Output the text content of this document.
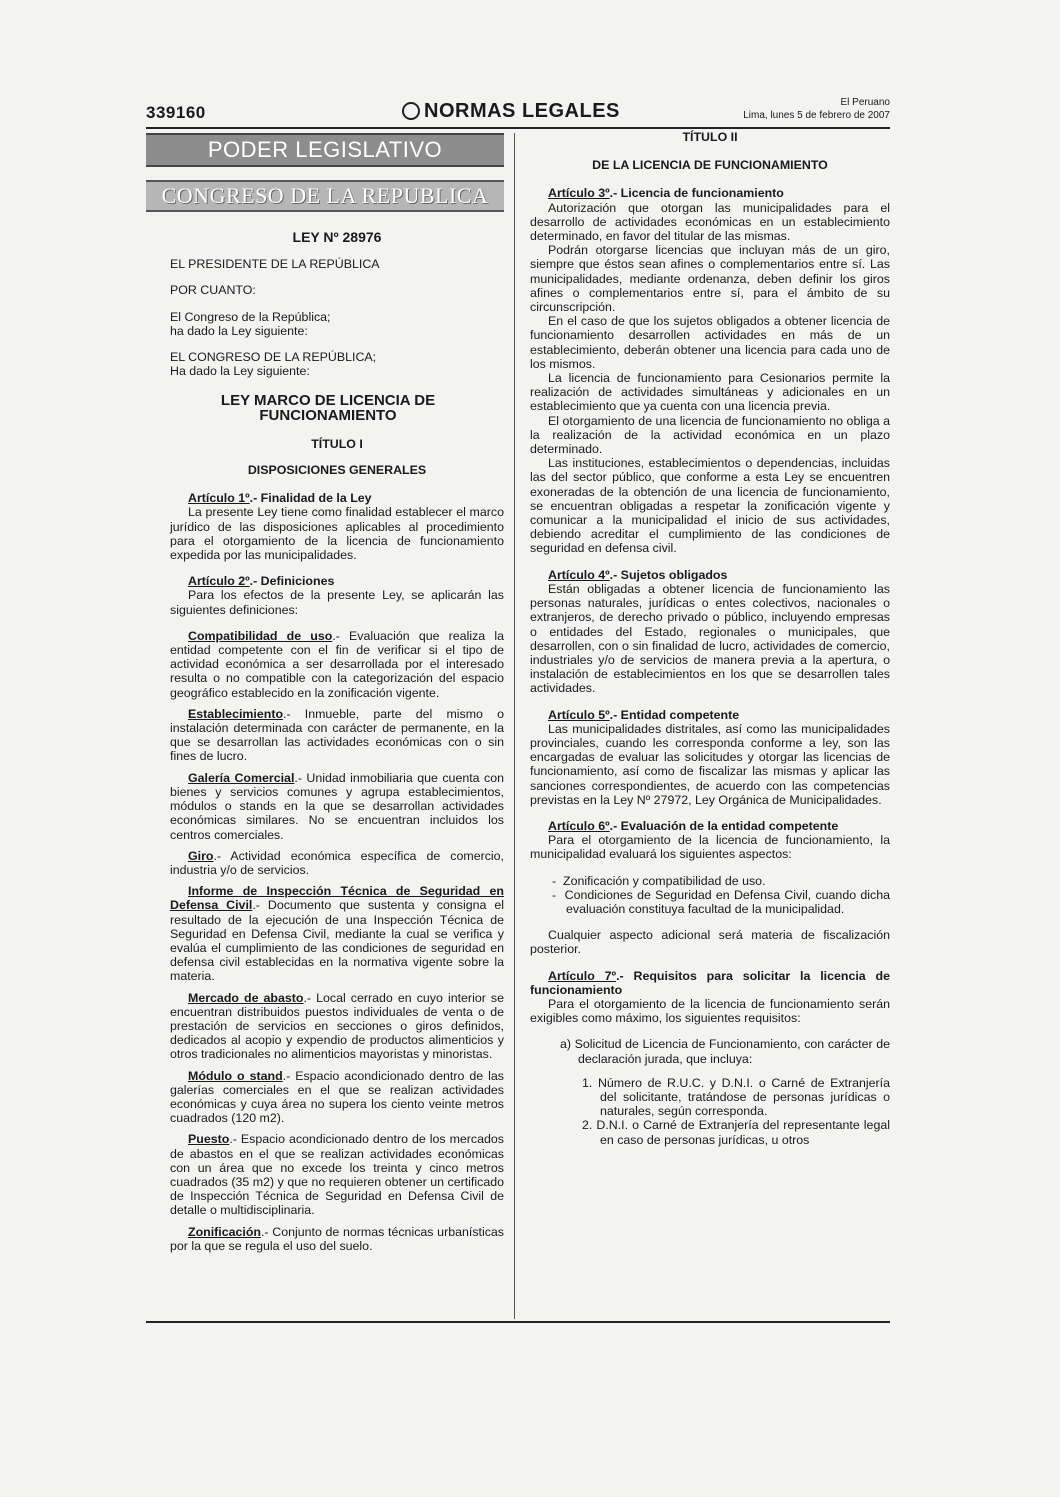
339160	NORMAS LEGALES	El Peruano
Lima, lunes 5 de febrero de 2007
PODER LEGISLATIVO
CONGRESO DE LA REPUBLICA

LEY Nº 28976

EL PRESIDENTE DE LA REPÚBLICA

POR CUANTO:

El Congreso de la República;

ha dado la Ley siguiente:

EL CONGRESO DE LA REPÚBLICA;

Ha dado la Ley siguiente:

LEY MARCO DE LICENCIA DE FUNCIONAMIENTO

TÍTULO I

DISPOSICIONES GENERALES

Artículo 1º.- Finalidad de la Ley

La presente Ley tiene como finalidad establecer el marco jurídico de las disposiciones aplicables al procedimiento para el otorgamiento de la licencia de funcionamiento expedida por las municipalidades.

Artículo 2º.- Definiciones

Para los efectos de la presente Ley, se aplicarán las siguientes definiciones:

Compatibilidad de uso.- Evaluación que realiza la entidad competente con el fin de verificar si el tipo de actividad económica a ser desarrollada por el interesado resulta o no compatible con la categorización del espacio geográfico establecido en la zonificación vigente.

Establecimiento.- Inmueble, parte del mismo o instalación determinada con carácter de permanente, en la que se desarrollan las actividades económicas con o sin fines de lucro.

Galería Comercial.- Unidad inmobiliaria que cuenta con bienes y servicios comunes y agrupa establecimientos, módulos o stands en la que se desarrollan actividades económicas similares. No se encuentran incluidos los centros comerciales.

Giro.- Actividad económica específica de comercio, industria y/o de servicios.

Informe de Inspección Técnica de Seguridad en Defensa Civil.- Documento que sustenta y consigna el resultado de la ejecución de una Inspección Técnica de Seguridad en Defensa Civil, mediante la cual se verifica y evalúa el cumplimiento de las condiciones de seguridad en defensa civil establecidas en la normativa vigente sobre la materia.

Mercado de abasto.- Local cerrado en cuyo interior se encuentran distribuidos puestos individuales de venta o de prestación de servicios en secciones o giros definidos, dedicados al acopio y expendio de productos alimenticios y otros tradicionales no alimenticios mayoristas y minoristas.

Módulo o stand.- Espacio acondicionado dentro de las galerías comerciales en el que se realizan actividades económicas y cuya área no supera los ciento veinte metros cuadrados (120 m2).

Puesto.- Espacio acondicionado dentro de los mercados de abastos en el que se realizan actividades económicas con un área que no excede los treinta y cinco metros cuadrados (35 m2) y que no requieren obtener un certificado de Inspección Técnica de Seguridad en Defensa Civil de detalle o multidisciplinaria.

Zonificación.- Conjunto de normas técnicas urbanísticas por la que se regula el uso del suelo.

TÍTULO II

DE LA LICENCIA DE FUNCIONAMIENTO

Artículo 3º.- Licencia de funcionamiento

Autorización que otorgan las municipalidades para el desarrollo de actividades económicas en un establecimiento determinado, en favor del titular de las mismas.

Podrán otorgarse licencias que incluyan más de un giro, siempre que éstos sean afines o complementarios entre sí. Las municipalidades, mediante ordenanza, deben definir los giros afines o complementarios entre sí, para el ámbito de su circunscripción.

En el caso de que los sujetos obligados a obtener licencia de funcionamiento desarrollen actividades en más de un establecimiento, deberán obtener una licencia para cada uno de los mismos.

La licencia de funcionamiento para Cesionarios permite la realización de actividades simultáneas y adicionales en un establecimiento que ya cuenta con una licencia previa.

El otorgamiento de una licencia de funcionamiento no obliga a la realización de la actividad económica en un plazo determinado.

Las instituciones, establecimientos o dependencias, incluidas las del sector público, que conforme a esta Ley se encuentren exoneradas de la obtención de una licencia de funcionamiento, se encuentran obligadas a respetar la zonificación vigente y comunicar a la municipalidad el inicio de sus actividades, debiendo acreditar el cumplimiento de las condiciones de seguridad en defensa civil.

Artículo 4º.- Sujetos obligados

Están obligadas a obtener licencia de funcionamiento las personas naturales, jurídicas o entes colectivos, nacionales o extranjeros, de derecho privado o público, incluyendo empresas o entidades del Estado, regionales o municipales, que desarrollen, con o sin finalidad de lucro, actividades de comercio, industriales y/o de servicios de manera previa a la apertura, o instalación de establecimientos en los que se desarrollen tales actividades.

Artículo 5º.- Entidad competente

Las municipalidades distritales, así como las municipalidades provinciales, cuando les corresponda conforme a ley, son las encargadas de evaluar las solicitudes y otorgar las licencias de funcionamiento, así como de fiscalizar las mismas y aplicar las sanciones correspondientes, de acuerdo con las competencias previstas en la Ley Nº 27972, Ley Orgánica de Municipalidades.

Artículo 6º.- Evaluación de la entidad competente

Para el otorgamiento de la licencia de funcionamiento, la municipalidad evaluará los siguientes aspectos:

-  Zonificación y compatibilidad de uso.

-  Condiciones de Seguridad en Defensa Civil, cuando dicha evaluación constituya facultad de la municipalidad.

Cualquier aspecto adicional será materia de fiscalización posterior.

Artículo 7º.- Requisitos para solicitar la licencia de funcionamiento

Para el otorgamiento de la licencia de funcionamiento serán exigibles como máximo, los siguientes requisitos:

a) Solicitud de Licencia de Funcionamiento, con carácter de declaración jurada, que incluya:

1. Número de R.U.C. y D.N.I. o Carné de Extranjería del solicitante, tratándose de personas jurídicas o naturales, según corresponda.

2. D.N.I. o Carné de Extranjería del representante legal en caso de personas jurídicas, u otros
